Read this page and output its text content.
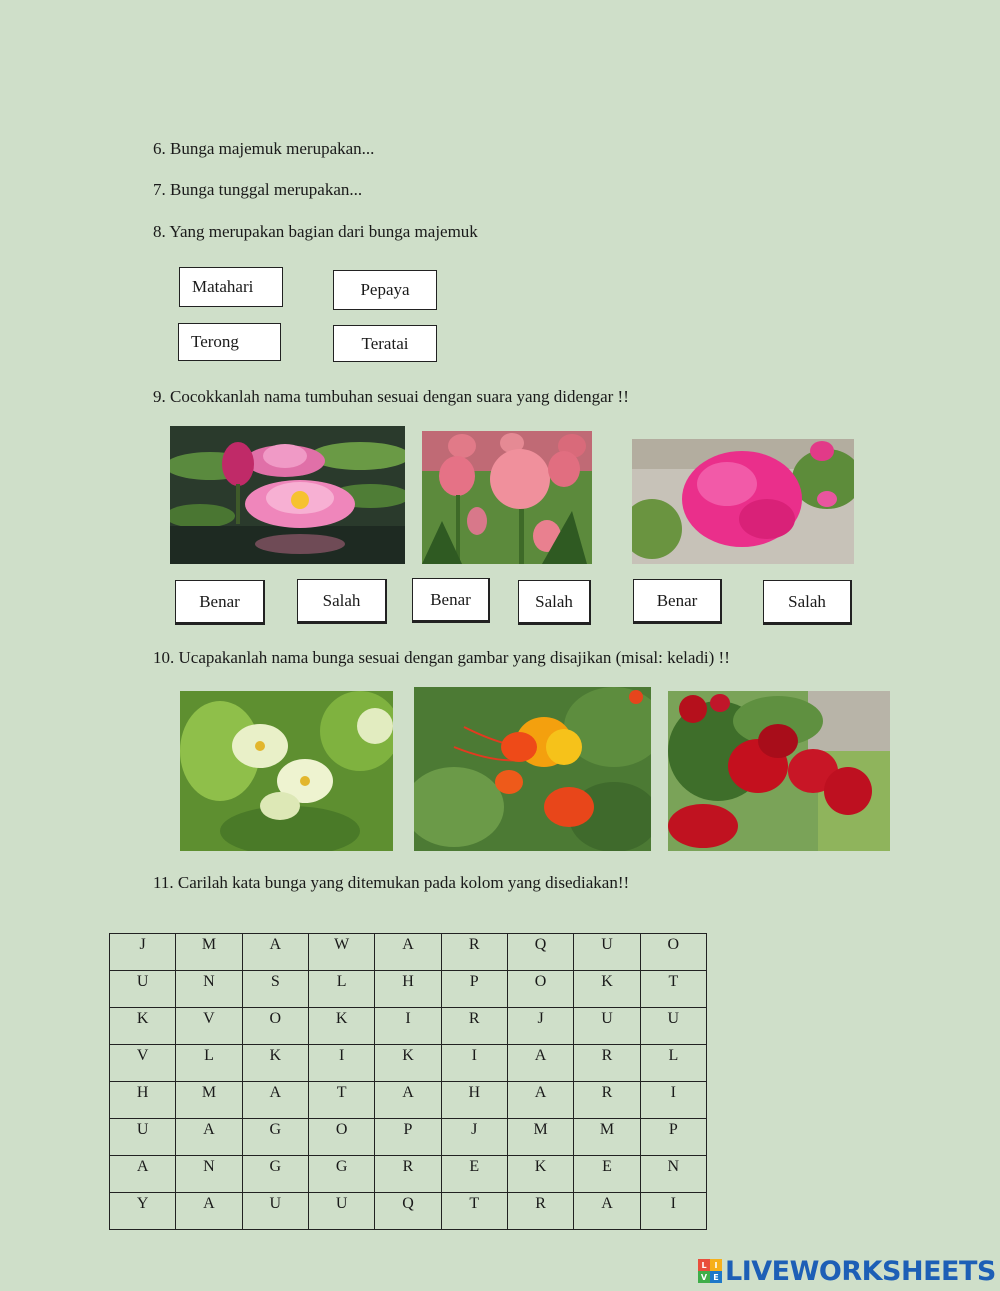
6. Bunga majemuk merupakan...
7. Bunga tunggal merupakan...
8. Yang merupakan bagian dari bunga majemuk
Matahari	Pepaya
Terong	Teratai
9. Cocokkanlah nama tumbuhan sesuai dengan suara yang didengar !!
Benar	Salah	Benar	Salah	Benar	Salah
10. Ucapakanlah nama bunga sesuai dengan gambar yang disajikan (misal: keladi) !!
11. Carilah kata bunga yang ditemukan pada kolom yang disediakan!!
J	M	A	W	A	R	Q	U	O
U	N	S	L	H	P	O	K	T
K	V	O	K	I	R	J	U	U
V	L	K	I	K	I	A	R	L
H	M	A	T	A	H	A	R	I
U	A	G	O	P	J	M	M	P
A	N	G	G	R	E	K	E	N
Y	A	U	U	Q	T	R	A	I
L I
V E LIVEWORKSHEETS
